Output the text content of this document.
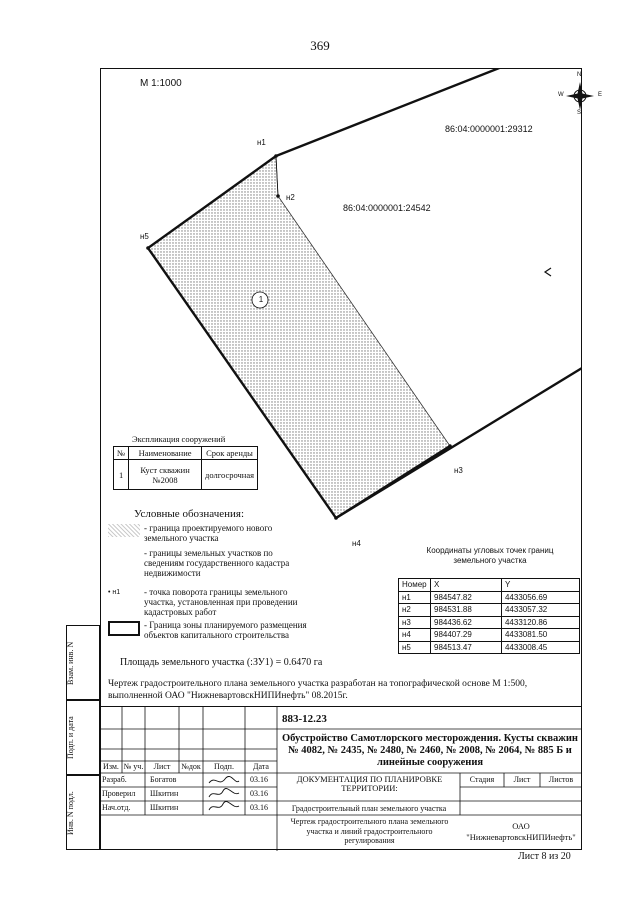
369
М 1:1000
N
S
W	E
н1
н2
н3
н4
н5
1
86:04:0000001:29312
86:04:0000001:24542
Экспликация сооружений
№	Наименование	Срок аренды
1	Куст скважин №2008	долгосрочная
Условные обозначения:
- граница проектируемого нового земельного участка
- границы земельных участков по сведениям государственного кадастра недвижимости
• н1	- точка поворота границы земельного участка, установленная при проведении кадастровых работ
- Граница зоны планируемого размещения объектов капитального строительства
Координаты угловых точек границ земельного участка
Номер	X	Y
н1	984547.82	4433056.69
н2	984531.88	4433057.32
н3	984436.62	4433120.86
н4	984407.29	4433081.50
н5	984513.47	4433008.45
Площадь земельного участка (:ЗУ1) = 0.6470 га
Чертеж градостроительного плана земельного участка разработан на топографической основе М 1:500, выполненной ОАО "НижневартовскНИПИнефть" 08.2015г.
883-12.23
Обустройство Самотлорского месторождения. Кусты скважин № 4082, № 2435, № 2480, № 2460, № 2008, № 2064, № 885 Б и линейные сооружения
Изм. № уч.	Лист	№док	Подп.	Дата
Разраб.	Богатов	03.16
Проверил Шкитин	03.16
Нач.отд. Шкитин	03.16
ДОКУМЕНТАЦИЯ ПО ПЛАНИРОВКЕ ТЕРРИТОРИИ:
Градостроительный план земельного участка
Стадия	Лист	Листов
Чертеж градостроительного плана земельного участка и линий градостроительного регулирования
ОАО "НижневартовскНИПИнефть"
Взам. инв. N
Подп. и дата
Инв. N подл.
Лист 8 из 20
